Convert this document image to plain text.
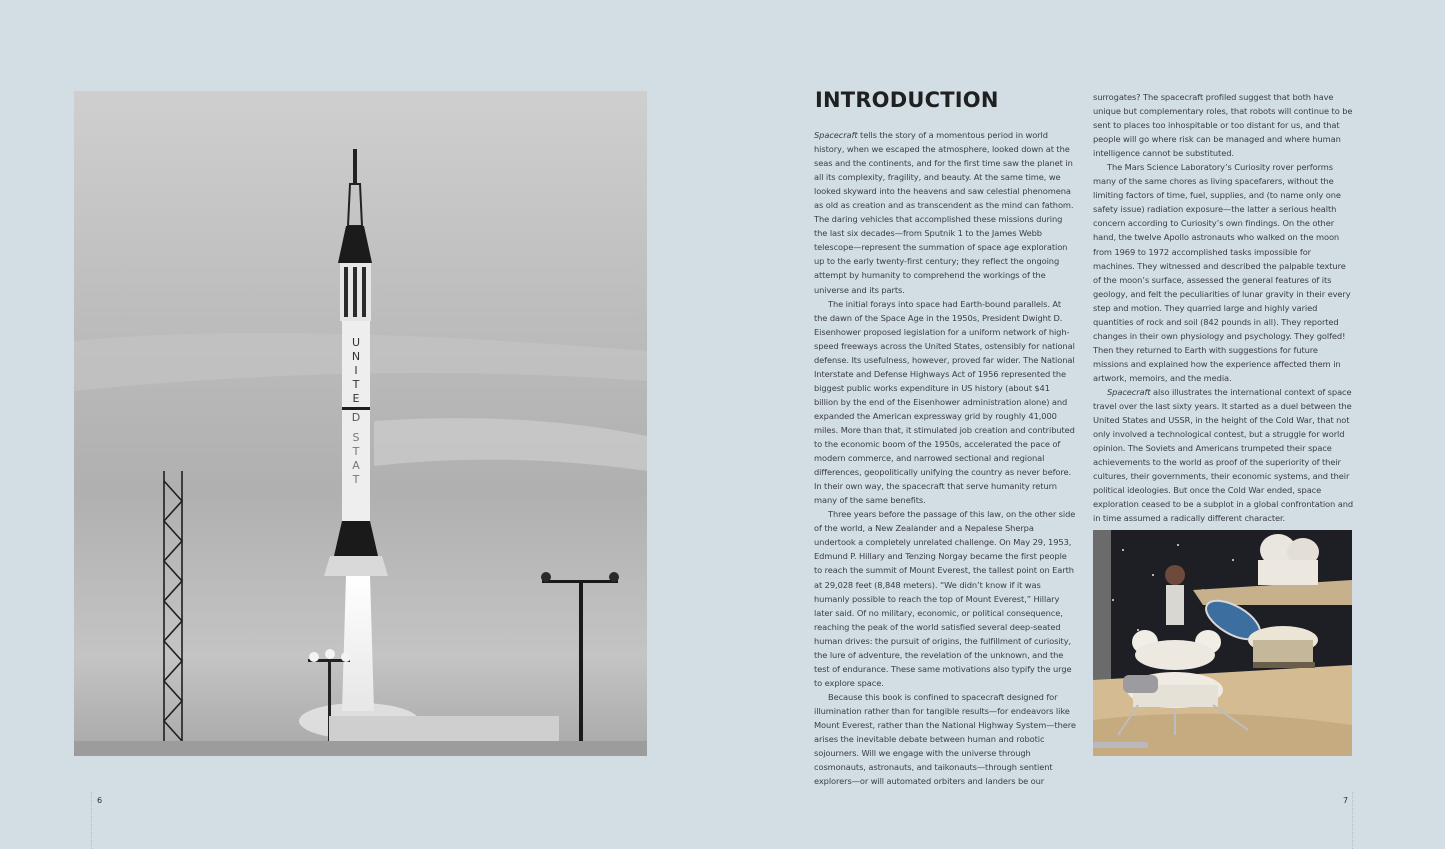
U
N
I
T
E
D
S
T
A
T
INTRODUCTION

Spacecraft tells the story of a momentous period in world history, when we escaped the atmosphere, looked down at the seas and the continents, and for the first time saw the planet in all its complexity, fragility, and beauty. At the same time, we looked skyward into the heavens and saw celestial phenomena as old as creation and as transcendent as the mind can fathom. The daring vehicles that accomplished these missions during the last six decades—from Sputnik 1 to the James Webb telescope—represent the summation of space age exploration up to the early twenty-first century; they reflect the ongoing attempt by humanity to comprehend the workings of the universe and its parts.

The initial forays into space had Earth-bound parallels. At the dawn of the Space Age in the 1950s, President Dwight D. Eisenhower proposed legislation for a uniform network of high-speed freeways across the United States, ostensibly for national defense. Its usefulness, however, proved far wider. The National Interstate and Defense Highways Act of 1956 represented the biggest public works expenditure in US history (about $41 billion by the end of the Eisenhower administration alone) and expanded the American expressway grid by roughly 41,000 miles. More than that, it stimulated job creation and contributed to the economic boom of the 1950s, accelerated the pace of modern commerce, and narrowed sectional and regional differences, geopolitically unifying the country as never before. In their own way, the spacecraft that serve humanity return many of the same benefits.

Three years before the passage of this law, on the other side of the world, a New Zealander and a Nepalese Sherpa undertook a completely unrelated challenge. On May 29, 1953, Edmund P. Hillary and Tenzing Norgay became the first people to reach the summit of Mount Everest, the tallest point on Earth at 29,028 feet (8,848 meters). “We didn’t know if it was humanly possible to reach the top of Mount Everest,” Hillary later said. Of no military, economic, or political consequence, reaching the peak of the world satisfied several deep-seated human drives: the pursuit of origins, the fulfillment of curiosity, the lure of adventure, the revelation of the unknown, and the test of endurance. These same motivations also typify the urge to explore space.

Because this book is confined to spacecraft designed for illumination rather than for tangible results—for endeavors like Mount Everest, rather than the National Highway System—there arises the inevitable debate between human and robotic sojourners. Will we engage with the universe through cosmonauts, astronauts, and taikonauts—through sentient explorers—or will automated orbiters and landers be our

surrogates? The spacecraft profiled suggest that both have unique but complementary roles, that robots will continue to be sent to places too inhospitable or too distant for us, and that people will go where risk can be managed and where human intelligence cannot be substituted.

The Mars Science Laboratory’s Curiosity rover performs many of the same chores as living spacefarers, without the limiting factors of time, fuel, supplies, and (to name only one safety issue) radiation exposure—the latter a serious health concern according to Curiosity’s own findings. On the other hand, the twelve Apollo astronauts who walked on the moon from 1969 to 1972 accomplished tasks impossible for machines. They witnessed and described the palpable texture of the moon’s surface, assessed the general features of its geology, and felt the peculiarities of lunar gravity in their every step and motion. They quarried large and highly varied quantities of rock and soil (842 pounds in all). They reported changes in their own physiology and psychology. They golfed! Then they returned to Earth with suggestions for future missions and explained how the experience affected them in artwork, memoirs, and the media.

Spacecraft also illustrates the international context of space travel over the last sixty years. It started as a duel between the United States and USSR, in the height of the Cold War, that not only involved a technological contest, but a struggle for world opinion. The Soviets and Americans trumpeted their space achievements to the world as proof of the superiority of their cultures, their governments, their economic systems, and their political ideologies. But once the Cold War ended, space exploration ceased to be a subplot in a global confrontation and in time assumed a radically different character.

6	7
